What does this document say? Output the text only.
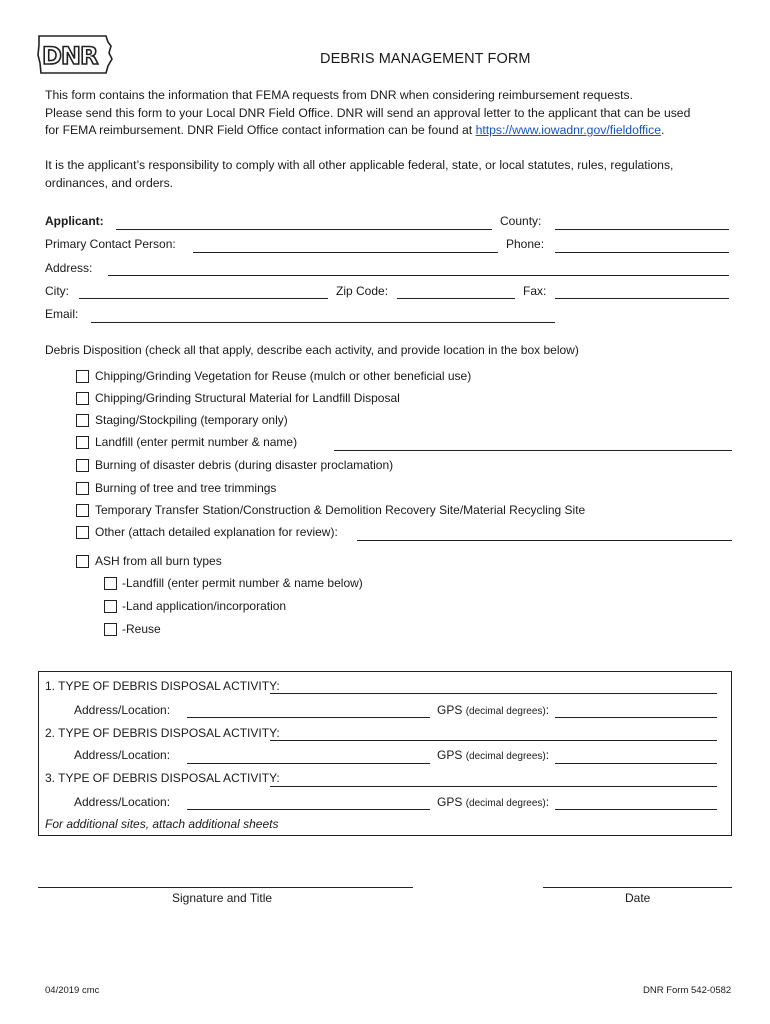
DNR	DEBRIS MANAGEMENT FORM
This form contains the information that FEMA requests from DNR when considering reimbursement requests.
Please send this form to your Local DNR Field Office. DNR will send an approval letter to the applicant that can be used
for FEMA reimbursement. DNR Field Office contact information can be found at https://www.iowadnr.gov/fieldoffice.
It is the applicant’s responsibility to comply with all other applicable federal, state, or local statutes, rules, regulations,
ordinances, and orders.
Applicant:	County:
Primary Contact Person:	Phone:
Address:
City:	Zip Code:	Fax:
Email:
Debris Disposition (check all that apply, describe each activity, and provide location in the box below)
Chipping/Grinding Vegetation for Reuse (mulch or other beneficial use)
Chipping/Grinding Structural Material for Landfill Disposal
Staging/Stockpiling (temporary only)
Landfill (enter permit number & name)
Burning of disaster debris (during disaster proclamation)
Burning of tree and tree trimmings
Temporary Transfer Station/Construction & Demolition Recovery Site/Material Recycling Site
Other (attach detailed explanation for review):
ASH from all burn types
-Landfill (enter permit number & name below)
-Land application/incorporation
-Reuse
1. TYPE OF DEBRIS DISPOSAL ACTIVITY:
Address/Location:	GPS (decimal degrees):
2. TYPE OF DEBRIS DISPOSAL ACTIVITY:
Address/Location:	GPS (decimal degrees):
3. TYPE OF DEBRIS DISPOSAL ACTIVITY:
Address/Location:	GPS (decimal degrees):
For additional sites, attach additional sheets
Signature and Title	Date
04/2019 cmc	DNR Form 542-0582
